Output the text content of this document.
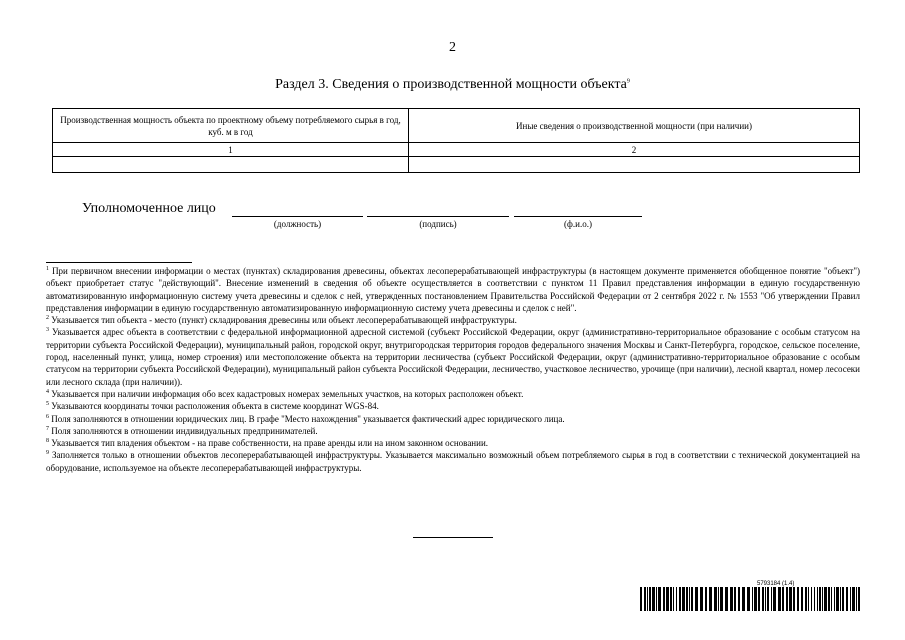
2
Раздел 3. Сведения о производственной мощности объекта$^9$
Производственная мощность объекта по проектному объему потребляемого сырья в год, куб. м в год	Иные сведения о производственной мощности (при наличии)
1	2

Уполномоченное лицо
(должность)	(подпись)	(ф.и.о.)

$^1$ При первичном внесении информации о местах (пунктах) складирования древесины, объектах лесоперерабатывающей инфраструктуры (в настоящем документе применяется обобщенное понятие "объект") объект приобретает статус "действующий". Внесение изменений в сведения об объекте осуществляется в соответствии с пунктом 11 Правил представления информации в единую государственную автоматизированную информационную систему учета древесины и сделок с ней, утвержденных постановлением Правительства Российской Федерации от 2 сентября 2022 г. № 1553 "Об утверждении Правил представления информации в единую государственную автоматизированную информационную систему учета древесины и сделок с ней".

$^2$ Указывается тип объекта - место (пункт) складирования древесины или объект лесоперерабатывающей инфраструктуры.

$^3$ Указывается адрес объекта в соответствии с федеральной информационной адресной системой (субъект Российской Федерации, округ (административно-территориальное образование с особым статусом на территории субъекта Российской Федерации), муниципальный район, городской округ, внутригородская территория городов федерального значения Москвы и Санкт-Петербурга, городское, сельское поселение, город, населенный пункт, улица, номер строения) или местоположение объекта на территории лесничества (субъект Российской Федерации, округ (административно-территориальное образование с особым статусом на территории субъекта Российской Федерации), муниципальный район субъекта Российской Федерации, лесничество, участковое лесничество, урочище (при наличии), лесной квартал, номер лесосеки или лесного склада (при наличии)).

$^4$ Указывается при наличии информация обо всех кадастровых номерах земельных участков, на которых расположен объект.

$^5$ Указываются координаты точки расположения объекта в системе координат WGS-84.

$^6$ Поля заполняются в отношении юридических лиц. В графе "Место нахождения" указывается фактический адрес юридического лица.

$^7$ Поля заполняются в отношении индивидуальных предпринимателей.

$^8$ Указывается тип владения объектом - на праве собственности, на праве аренды или на ином законном основании.

$^9$ Заполняется только в отношении объектов лесоперерабатывающей инфраструктуры. Указывается максимально возможный объем потребляемого сырья в год в соответствии с технической документацией на оборудование, используемое на объекте лесоперерабатывающей инфраструктуры.

5793184 (1.4)
